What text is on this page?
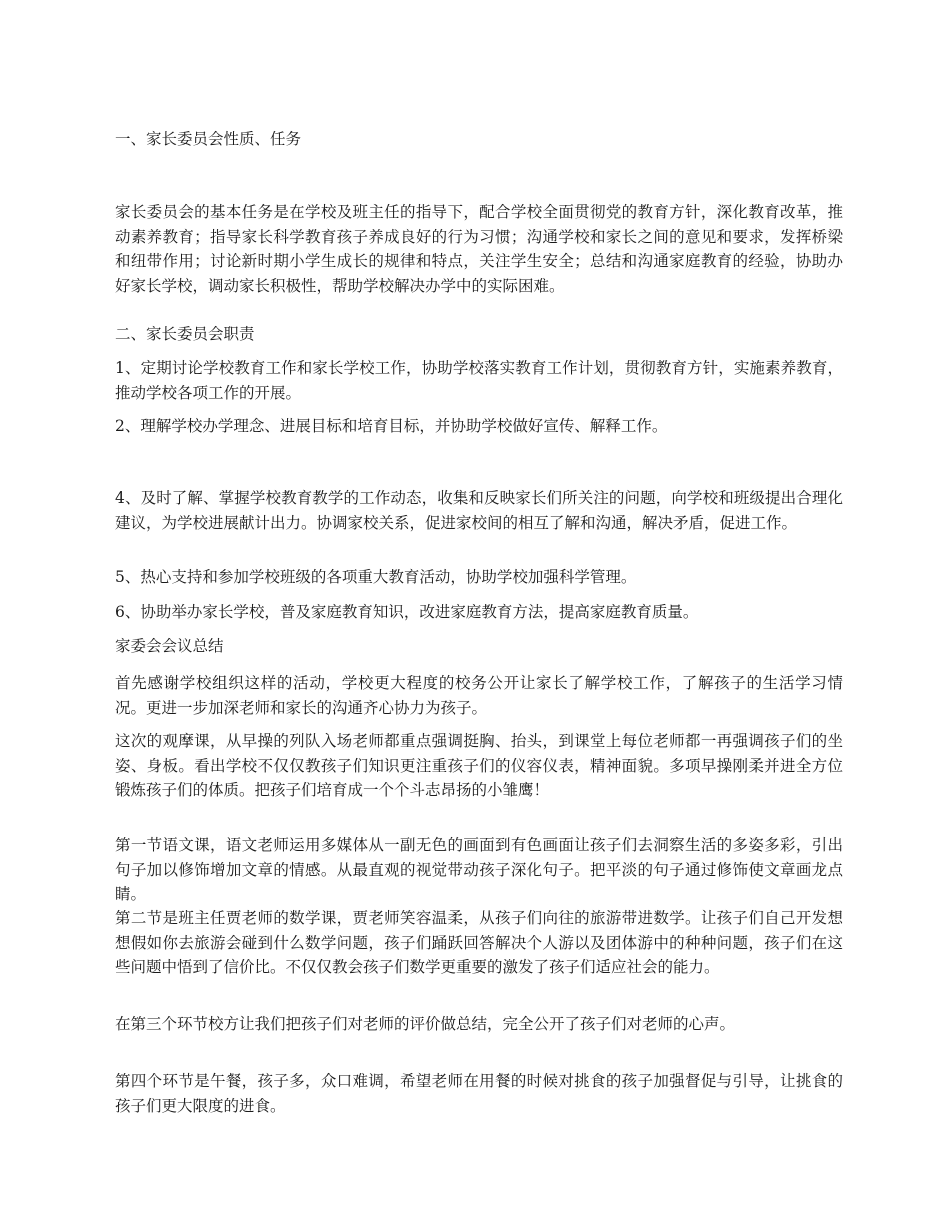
一、家长委员会性质、任务

家长委员会的基本任务是在学校及班主任的指导下，配合学校全面贯彻党的教育方针，深化教育改革，推动素养教育；指导家长科学教育孩子养成良好的行为习惯；沟通学校和家长之间的意见和要求，发挥桥梁和纽带作用；讨论新时期小学生成长的规律和特点，关注学生安全；总结和沟通家庭教育的经验，协助办好家长学校，调动家长积极性，帮助学校解决办学中的实际困难。

二、家长委员会职责

1、定期讨论学校教育工作和家长学校工作，协助学校落实教育工作计划，贯彻教育方针，实施素养教育，推动学校各项工作的开展。

2、理解学校办学理念、进展目标和培育目标，并协助学校做好宣传、解释工作。

4、及时了解、掌握学校教育教学的工作动态，收集和反映家长们所关注的问题，向学校和班级提出合理化建议，为学校进展献计出力。协调家校关系，促进家校间的相互了解和沟通，解决矛盾，促进工作。

5、热心支持和参加学校班级的各项重大教育活动，协助学校加强科学管理。

6、协助举办家长学校，普及家庭教育知识，改进家庭教育方法，提高家庭教育质量。

家委会会议总结

首先感谢学校组织这样的活动，学校更大程度的校务公开让家长了解学校工作，了解孩子的生活学习情况。更进一步加深老师和家长的沟通齐心协力为孩子。

这次的观摩课，从早操的列队入场老师都重点强调挺胸、抬头，到课堂上每位老师都一再强调孩子们的坐姿、身板。看出学校不仅仅教孩子们知识更注重孩子们的仪容仪表，精神面貌。多项早操刚柔并进全方位锻炼孩子们的体质。把孩子们培育成一个个斗志昂扬的小雏鹰！

第一节语文课，语文老师运用多媒体从一副无色的画面到有色画面让孩子们去洞察生活的多姿多彩，引出句子加以修饰增加文章的情感。从最直观的视觉带动孩子深化句子。把平淡的句子通过修饰使文章画龙点睛。

第二节是班主任贾老师的数学课，贾老师笑容温柔，从孩子们向往的旅游带进数学。让孩子们自己开发想想假如你去旅游会碰到什么数学问题，孩子们踊跃回答解决个人游以及团体游中的种种问题，孩子们在这些问题中悟到了信价比。不仅仅教会孩子们数学更重要的激发了孩子们适应社会的能力。

在第三个环节校方让我们把孩子们对老师的评价做总结，完全公开了孩子们对老师的心声。

第四个环节是午餐，孩子多，众口难调，希望老师在用餐的时候对挑食的孩子加强督促与引导，让挑食的孩子们更大限度的进食。
